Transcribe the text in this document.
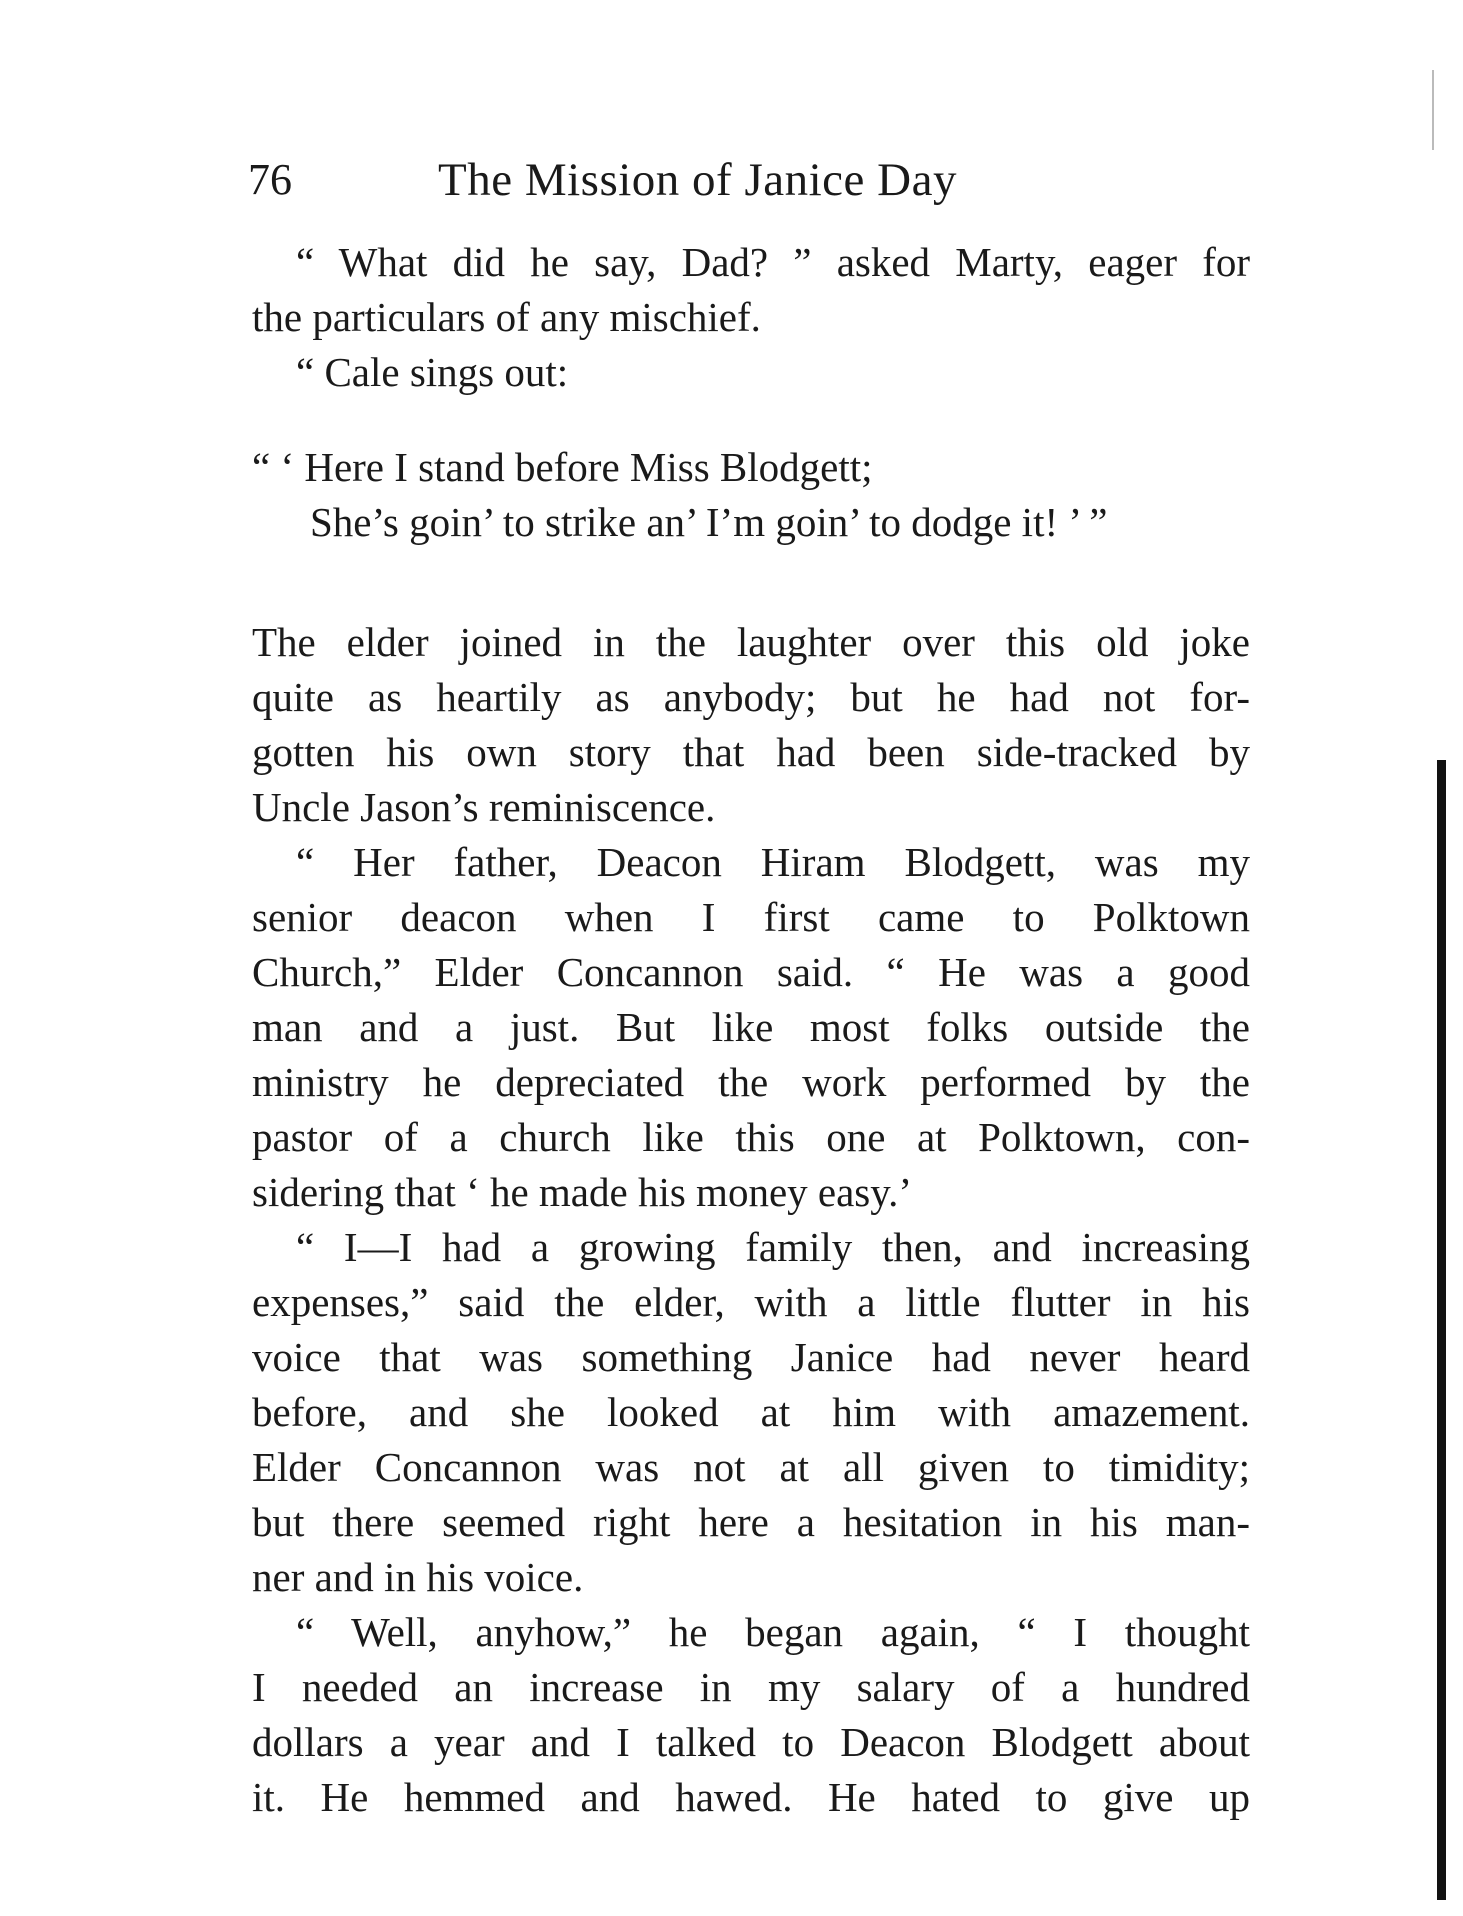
76	The Mission of Janice Day
“ What did he say, Dad? ” asked Marty, eager for
the particulars of any mischief.
“ Cale sings out:
“ ‘ Here I stand before Miss Blodgett;
She’s goin’ to strike an’ I’m goin’ to dodge it! ’ ”
The elder joined in the laughter over this old joke
quite as heartily as anybody; but he had not for-
gotten his own story that had been side-tracked by
Uncle Jason’s reminiscence.
“ Her father, Deacon Hiram Blodgett, was my
senior deacon when I first came to Polktown
Church,” Elder Concannon said. “ He was a good
man and a just. But like most folks outside the
ministry he depreciated the work performed by the
pastor of a church like this one at Polktown, con-
sidering that ‘ he made his money easy.’
“ I—I had a growing family then, and increasing
expenses,” said the elder, with a little flutter in his
voice that was something Janice had never heard
before, and she looked at him with amazement.
Elder Concannon was not at all given to timidity;
but there seemed right here a hesitation in his man-
ner and in his voice.
“ Well, anyhow,” he began again, “ I thought
I needed an increase in my salary of a hundred
dollars a year and I talked to Deacon Blodgett about
it. He hemmed and hawed. He hated to give up
